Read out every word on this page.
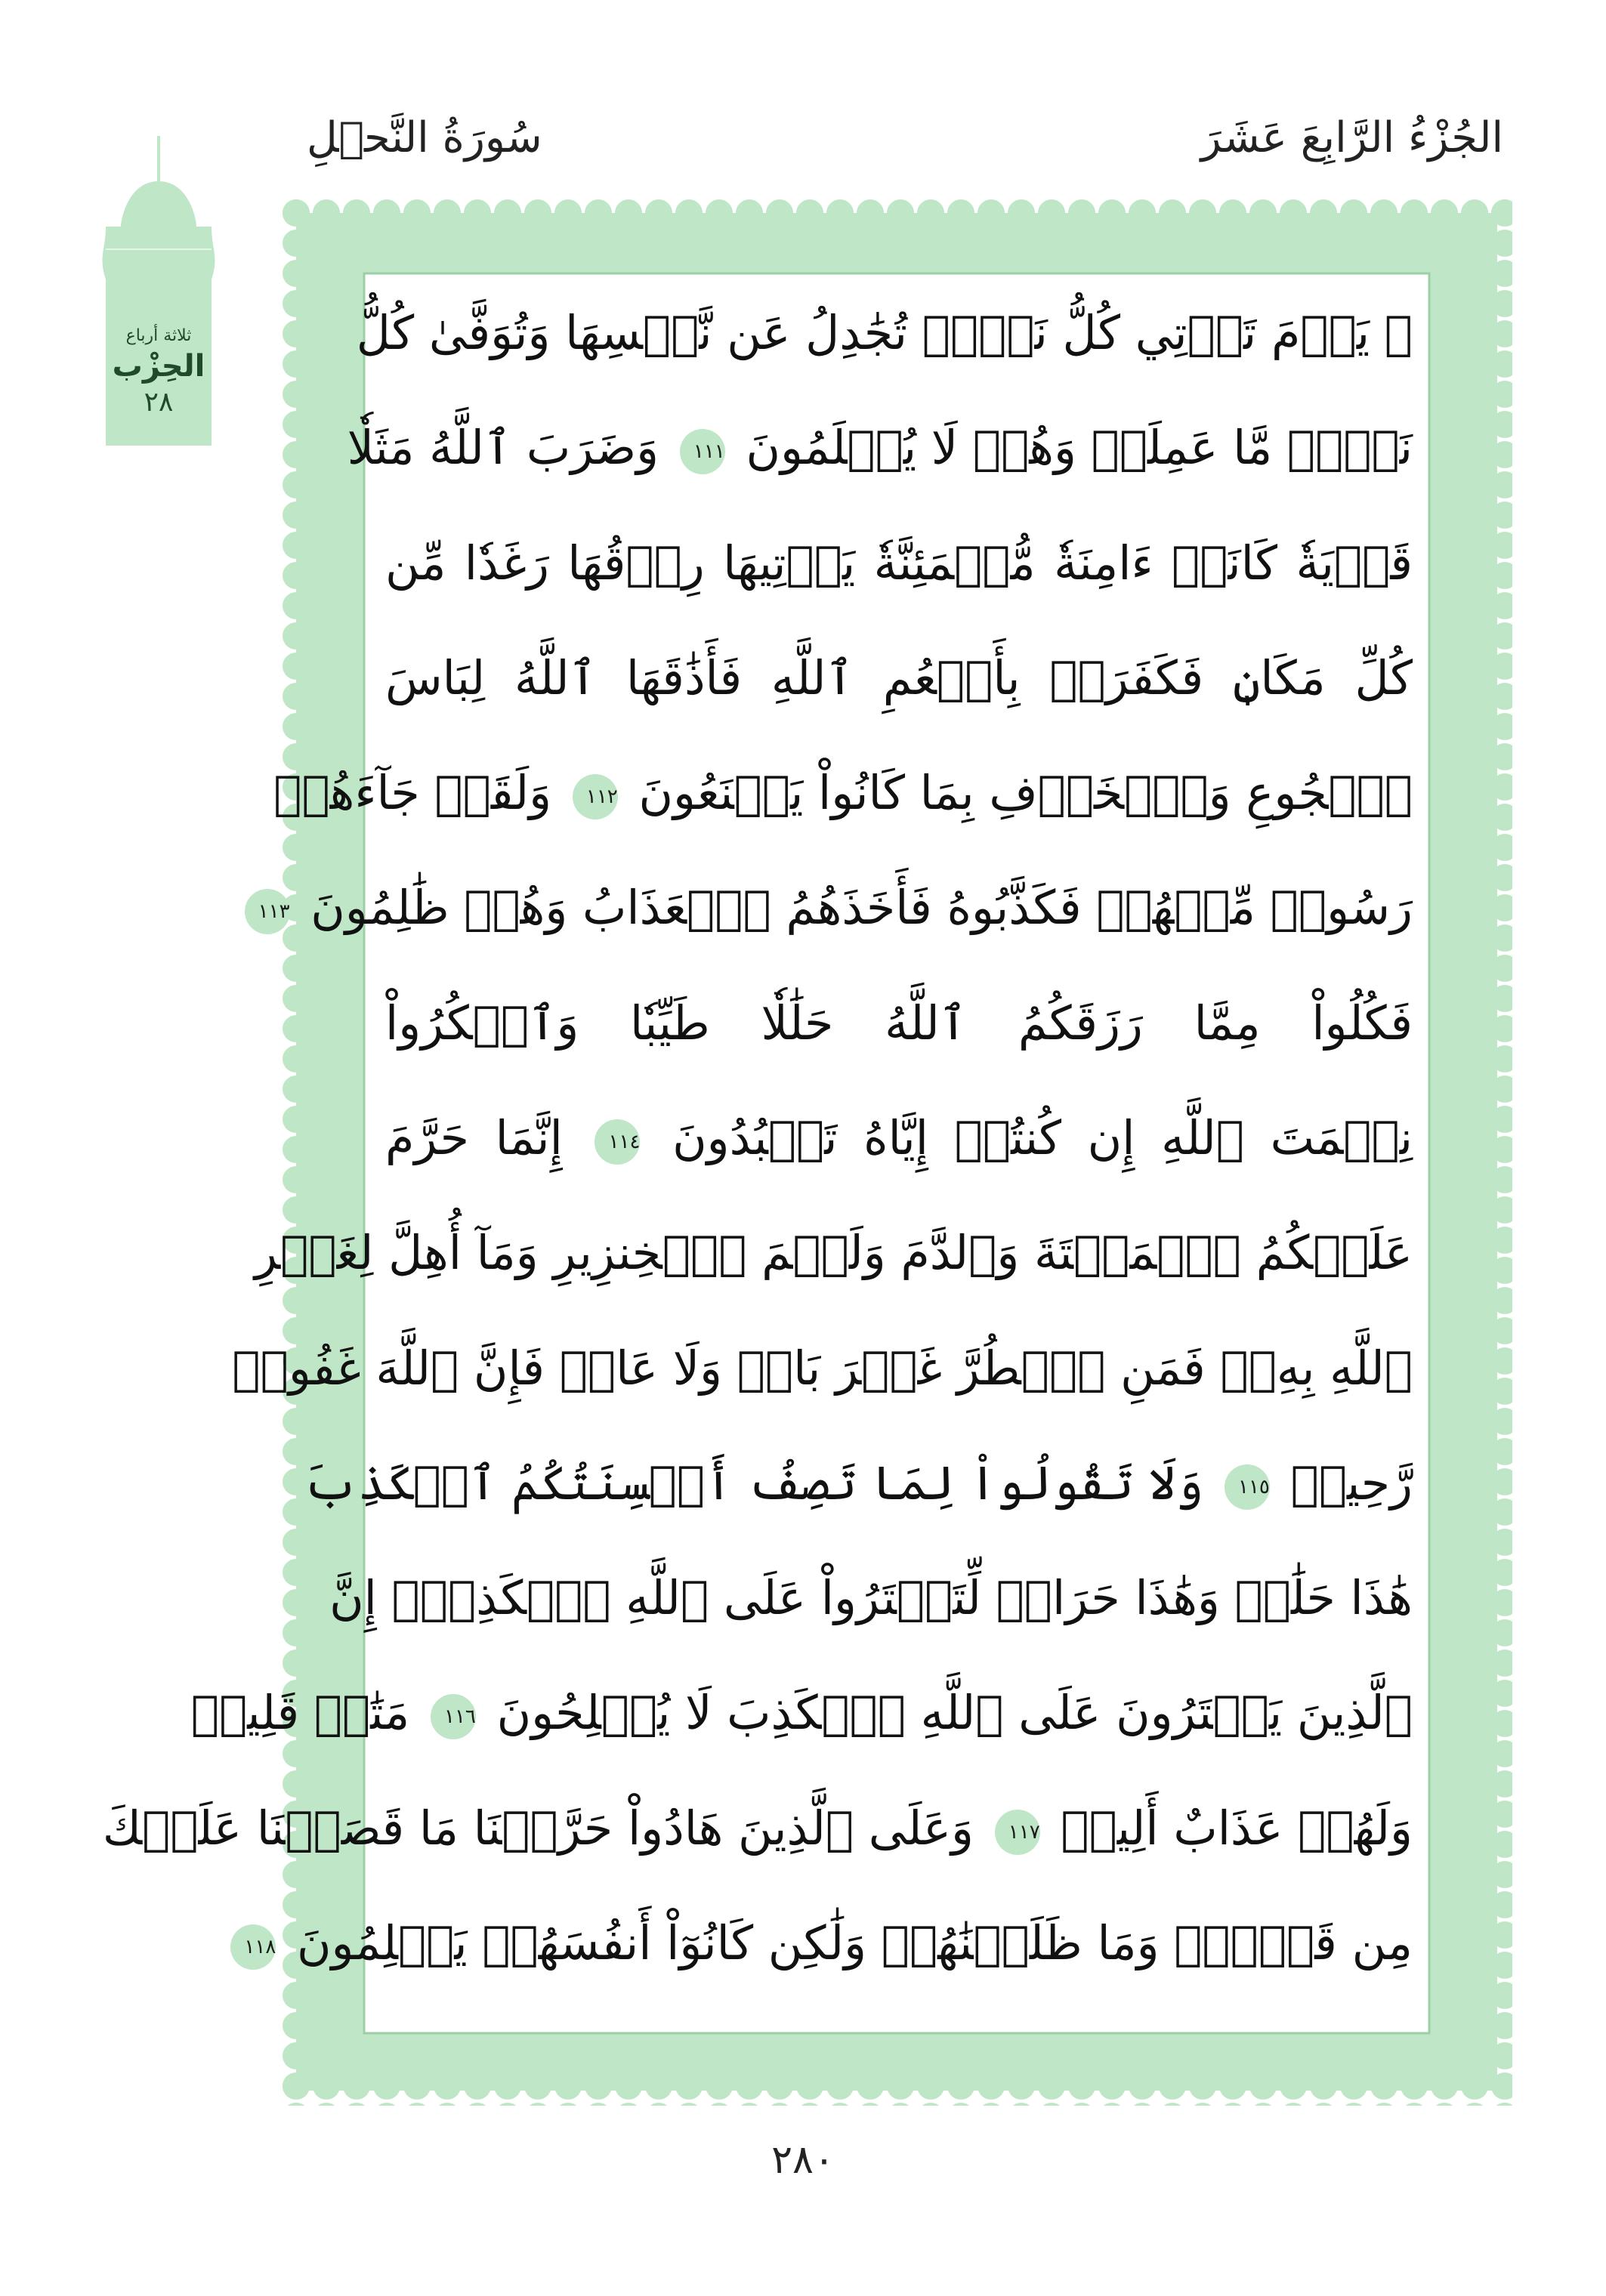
الجُزْءُ الرَّابِعَ عَشَرَ
سُورَةُ النَّحۡلِ
ثلاثة أرباع
الحِزْب
٢٨
۞ يَوۡمَ تَأۡتِي كُلُّ نَفۡسٖ تُجَٰدِلُ عَن نَّفۡسِهَا وَتُوَفَّىٰ كُلُّ
نَفۡسٖ مَّا عَمِلَتۡ وَهُمۡ لَا يُظۡلَمُونَ ١١١ وَضَرَبَ ٱللَّهُ مَثَلٗا
قَرۡيَةٗ كَانَتۡ ءَامِنَةٗ مُّطۡمَئِنَّةٗ يَأۡتِيهَا رِزۡقُهَا رَغَدٗا مِّن
كُلِّ مَكَانٖ فَكَفَرَتۡ بِأَنۡعُمِ ٱللَّهِ فَأَذَٰقَهَا ٱللَّهُ لِبَاسَ
ٱلۡجُوعِ وَٱلۡخَوۡفِ بِمَا كَانُواْ يَصۡنَعُونَ ١١٢ وَلَقَدۡ جَآءَهُمۡ
رَسُولٞ مِّنۡهُمۡ فَكَذَّبُوهُ فَأَخَذَهُمُ ٱلۡعَذَابُ وَهُمۡ ظَٰلِمُونَ ١١٣
فَكُلُواْ مِمَّا رَزَقَكُمُ ٱللَّهُ حَلَٰلٗا طَيِّبٗا وَٱشۡكُرُواْ
نِعۡمَتَ ٱللَّهِ إِن كُنتُمۡ إِيَّاهُ تَعۡبُدُونَ ١١٤ إِنَّمَا حَرَّمَ
عَلَيۡكُمُ ٱلۡمَيۡتَةَ وَٱلدَّمَ وَلَحۡمَ ٱلۡخِنزِيرِ وَمَآ أُهِلَّ لِغَيۡرِ
ٱللَّهِ بِهِۦۖ فَمَنِ ٱضۡطُرَّ غَيۡرَ بَاغٖ وَلَا عَادٖ فَإِنَّ ٱللَّهَ غَفُورٞ
رَّحِيمٞ ١١٥ وَلَا تَقُولُواْ لِمَا تَصِفُ أَلۡسِنَتُكُمُ ٱلۡكَذِبَ
هَٰذَا حَلَٰلٞ وَهَٰذَا حَرَامٞ لِّتَفۡتَرُواْ عَلَى ٱللَّهِ ٱلۡكَذِبَۚ إِنَّ
ٱلَّذِينَ يَفۡتَرُونَ عَلَى ٱللَّهِ ٱلۡكَذِبَ لَا يُفۡلِحُونَ ١١٦ مَتَٰعٞ قَلِيلٞ
وَلَهُمۡ عَذَابٌ أَلِيمٞ ١١٧ وَعَلَى ٱلَّذِينَ هَادُواْ حَرَّمۡنَا مَا قَصَصۡنَا عَلَيۡكَ
مِن قَبۡلُۖ وَمَا ظَلَمۡنَٰهُمۡ وَلَٰكِن كَانُوٓاْ أَنفُسَهُمۡ يَظۡلِمُونَ ١١٨
٢٨٠
